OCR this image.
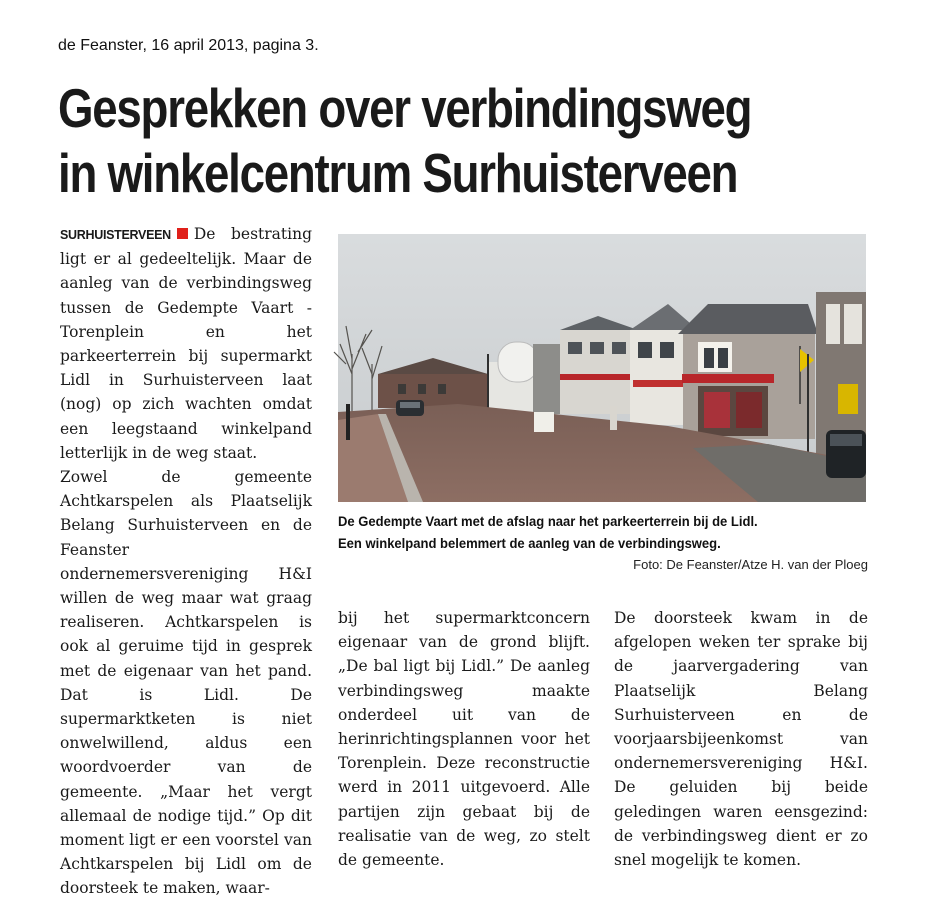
de Feanster, 16 april 2013, pagina 3.
Gesprekken over verbindingsweg
in winkelcentrum Surhuisterveen

SURHUISTERVEEN De bestrating ligt er al gedeeltelijk. Maar de aanleg van de verbindingsweg tussen de Gedempte Vaart - Torenplein en het parkeerterrein bij supermarkt Lidl in Surhuisterveen laat (nog) op zich wachten omdat een leegstaand winkelpand letterlijk in de weg staat.

Zowel de gemeente Achtkarspelen als Plaatselijk Belang Surhuisterveen en de Feanster ondernemersvereniging H&I willen de weg maar wat graag realiseren. Achtkarspelen is ook al geruime tijd in gesprek met de eigenaar van het pand. Dat is Lidl. De supermarktketen is niet onwelwillend, aldus een woordvoerder van de gemeente. „Maar het vergt allemaal de nodige tijd.” Op dit moment ligt er een voorstel van Achtkarspelen bij Lidl om de doorsteek te maken, waar-

De Gedempte Vaart met de afslag naar het parkeerterrein bij de Lidl.

Een winkelpand belemmert de aanleg van de verbindingsweg.

Foto: De Feanster/Atze H. van der Ploeg

bij het supermarktconcern eigenaar van de grond blijft. „De bal ligt bij Lidl.” De aanleg verbindingsweg maakte onderdeel uit van de herinrichtingsplannen voor het Torenplein. Deze reconstructie werd in 2011 uitgevoerd. Alle partijen zijn gebaat bij de realisatie van de weg, zo stelt de gemeente.

De doorsteek kwam in de afgelopen weken ter sprake bij de jaarvergadering van Plaatselijk Belang Surhuisterveen en de voorjaarsbijeenkomst van ondernemersvereniging H&I. De geluiden bij beide geledingen waren eensgezind: de verbindingsweg dient er zo snel mogelijk te komen.
